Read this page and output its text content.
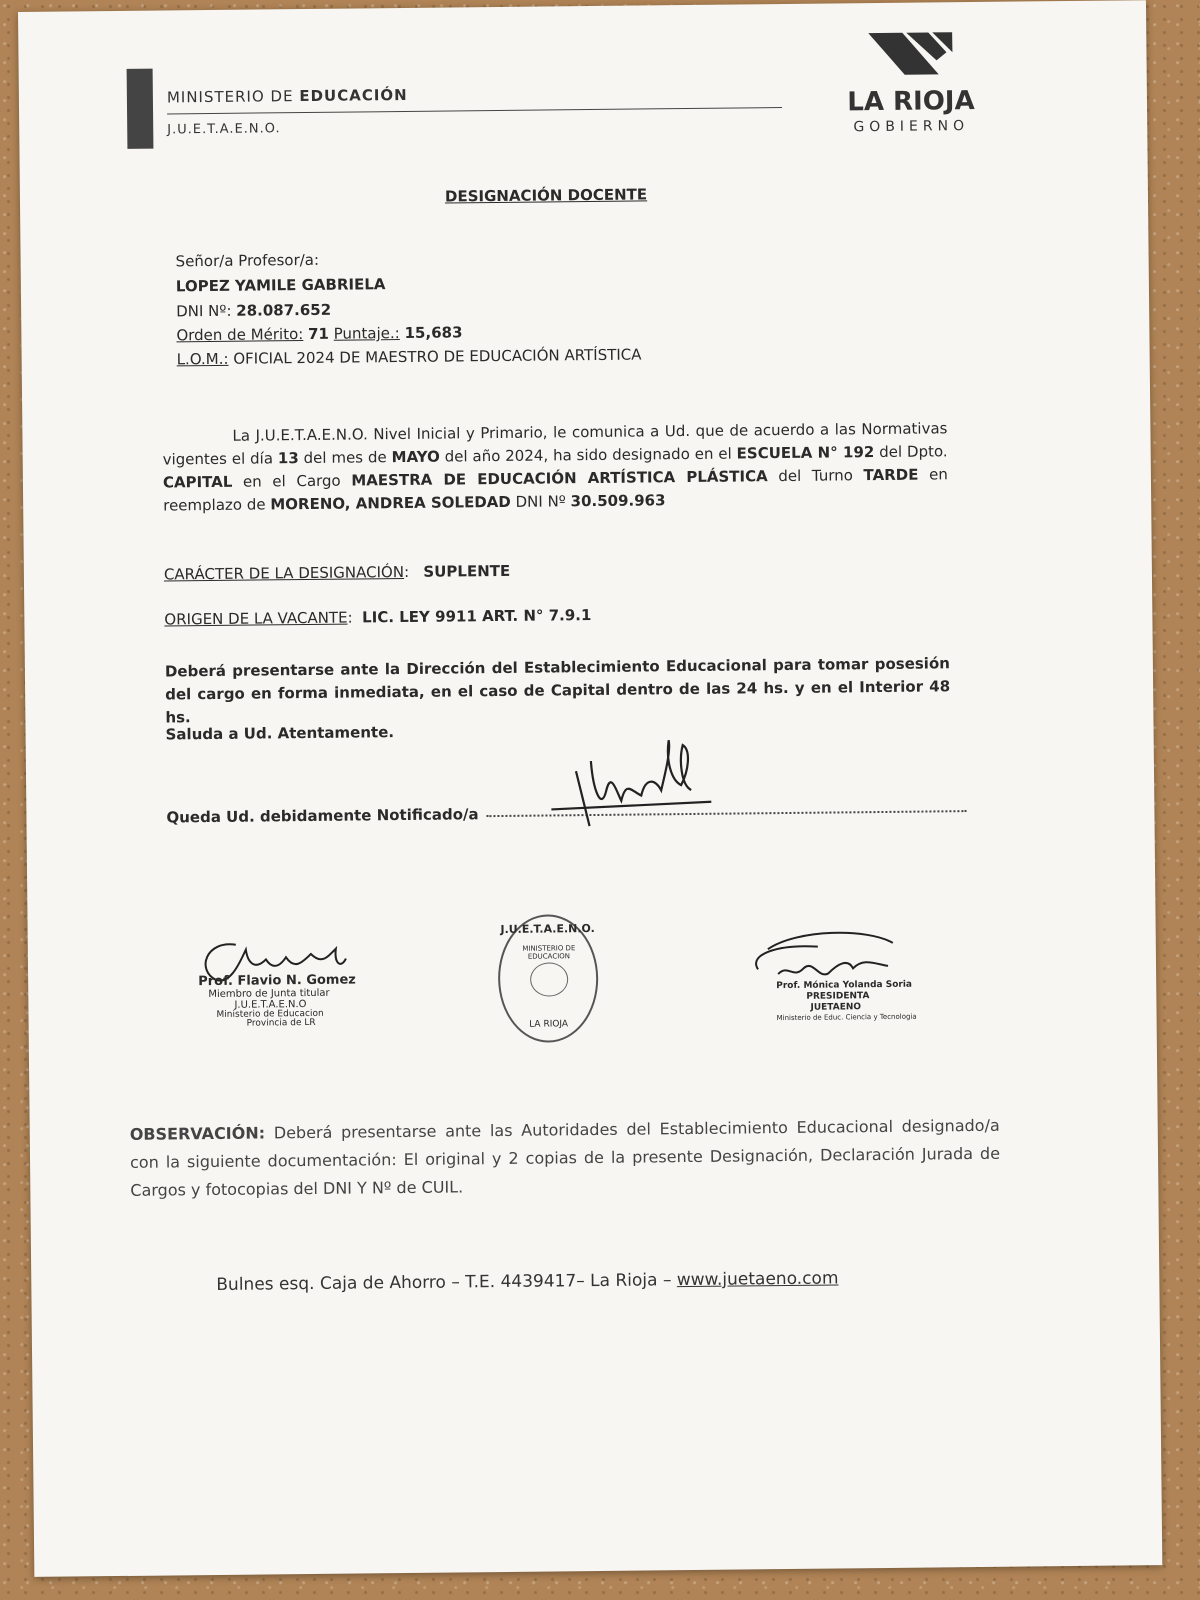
MINISTERIO DE EDUCACIÓN
J.U.E.T.A.E.N.O.
LA RIOJA
GOBIERNO
DESIGNACIÓN DOCENTE
Señor/a Profesor/a:
LOPEZ YAMILE GABRIELA
DNI Nº: 28.087.652
Orden de Mérito: 71 Puntaje.: 15,683
L.O.M.: OFICIAL 2024 DE MAESTRO DE EDUCACIÓN ARTÍSTICA
La J.U.E.T.A.E.N.O. Nivel Inicial y Primario, le comunica a Ud. que de acuerdo a las Normativas vigentes el día 13 del mes de MAYO del año 2024, ha sido designado en el ESCUELA N° 192 del Dpto. CAPITAL en el Cargo MAESTRA DE EDUCACIÓN ARTÍSTICA PLÁSTICA del Turno TARDE en reemplazo de MORENO, ANDREA SOLEDAD DNI Nº 30.509.963
CARÁCTER DE LA DESIGNACIÓN:   SUPLENTE
ORIGEN DE LA VACANTE:  LIC. LEY 9911 ART. N° 7.9.1
Deberá presentarse ante la Dirección del Establecimiento Educacional para tomar posesión del cargo en forma inmediata, en el caso de Capital dentro de las 24 hs. y en el Interior 48 hs.
Saluda a Ud. Atentamente.
Queda Ud. debidamente Notificado/a
Prof. Flavio N. Gomez
Miembro de Junta titular
J.U.E.T.A.E.N.O
Ministerio de Educacion
Provincia de LR
J.U.E.T.A.E.N.O.
MINISTERIO DE EDUCACION
LA RIOJA
Prof. Mónica Yolanda Soria
PRESIDENTA
JUETAENO
Ministerio de Educ. Ciencia y Tecnologia
OBSERVACIÓN: Deberá presentarse ante las Autoridades del Establecimiento Educacional designado/a con la siguiente documentación: El original y 2 copias de la presente Designación, Declaración Jurada de Cargos y fotocopias del DNI Y Nº de CUIL.
Bulnes esq. Caja de Ahorro – T.E. 4439417– La Rioja – www.juetaeno.com
